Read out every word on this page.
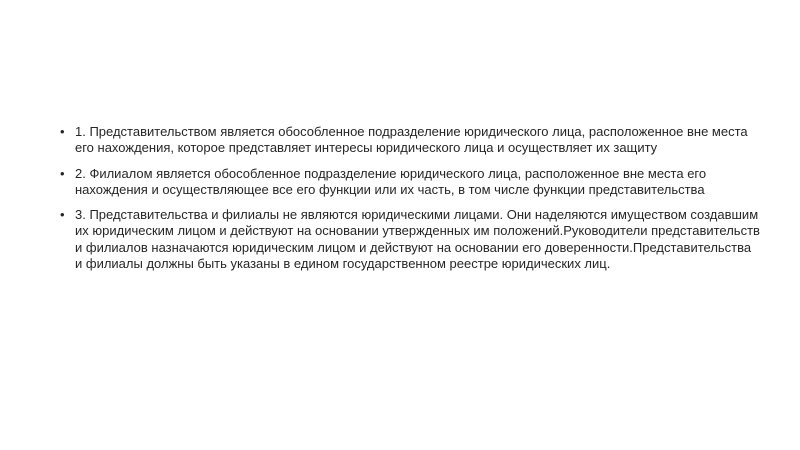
• 1. Представительством является обособленное подразделение юридического лица, расположенное вне места его нахождения, которое представляет интересы юридического лица и осуществляет их защиту
• 2. Филиалом является обособленное подразделение юридического лица, расположенное вне места его нахождения и осуществляющее все его функции или их часть, в том числе функции представительства
• 3. Представительства и филиалы не являются юридическими лицами. Они наделяются имуществом создавшим их юридическим лицом и действуют на основании утвержденных им положений.Руководители представительств и филиалов назначаются юридическим лицом и действуют на основании его доверенности.Представительства и филиалы должны быть указаны в едином государственном реестре юридических лиц.
